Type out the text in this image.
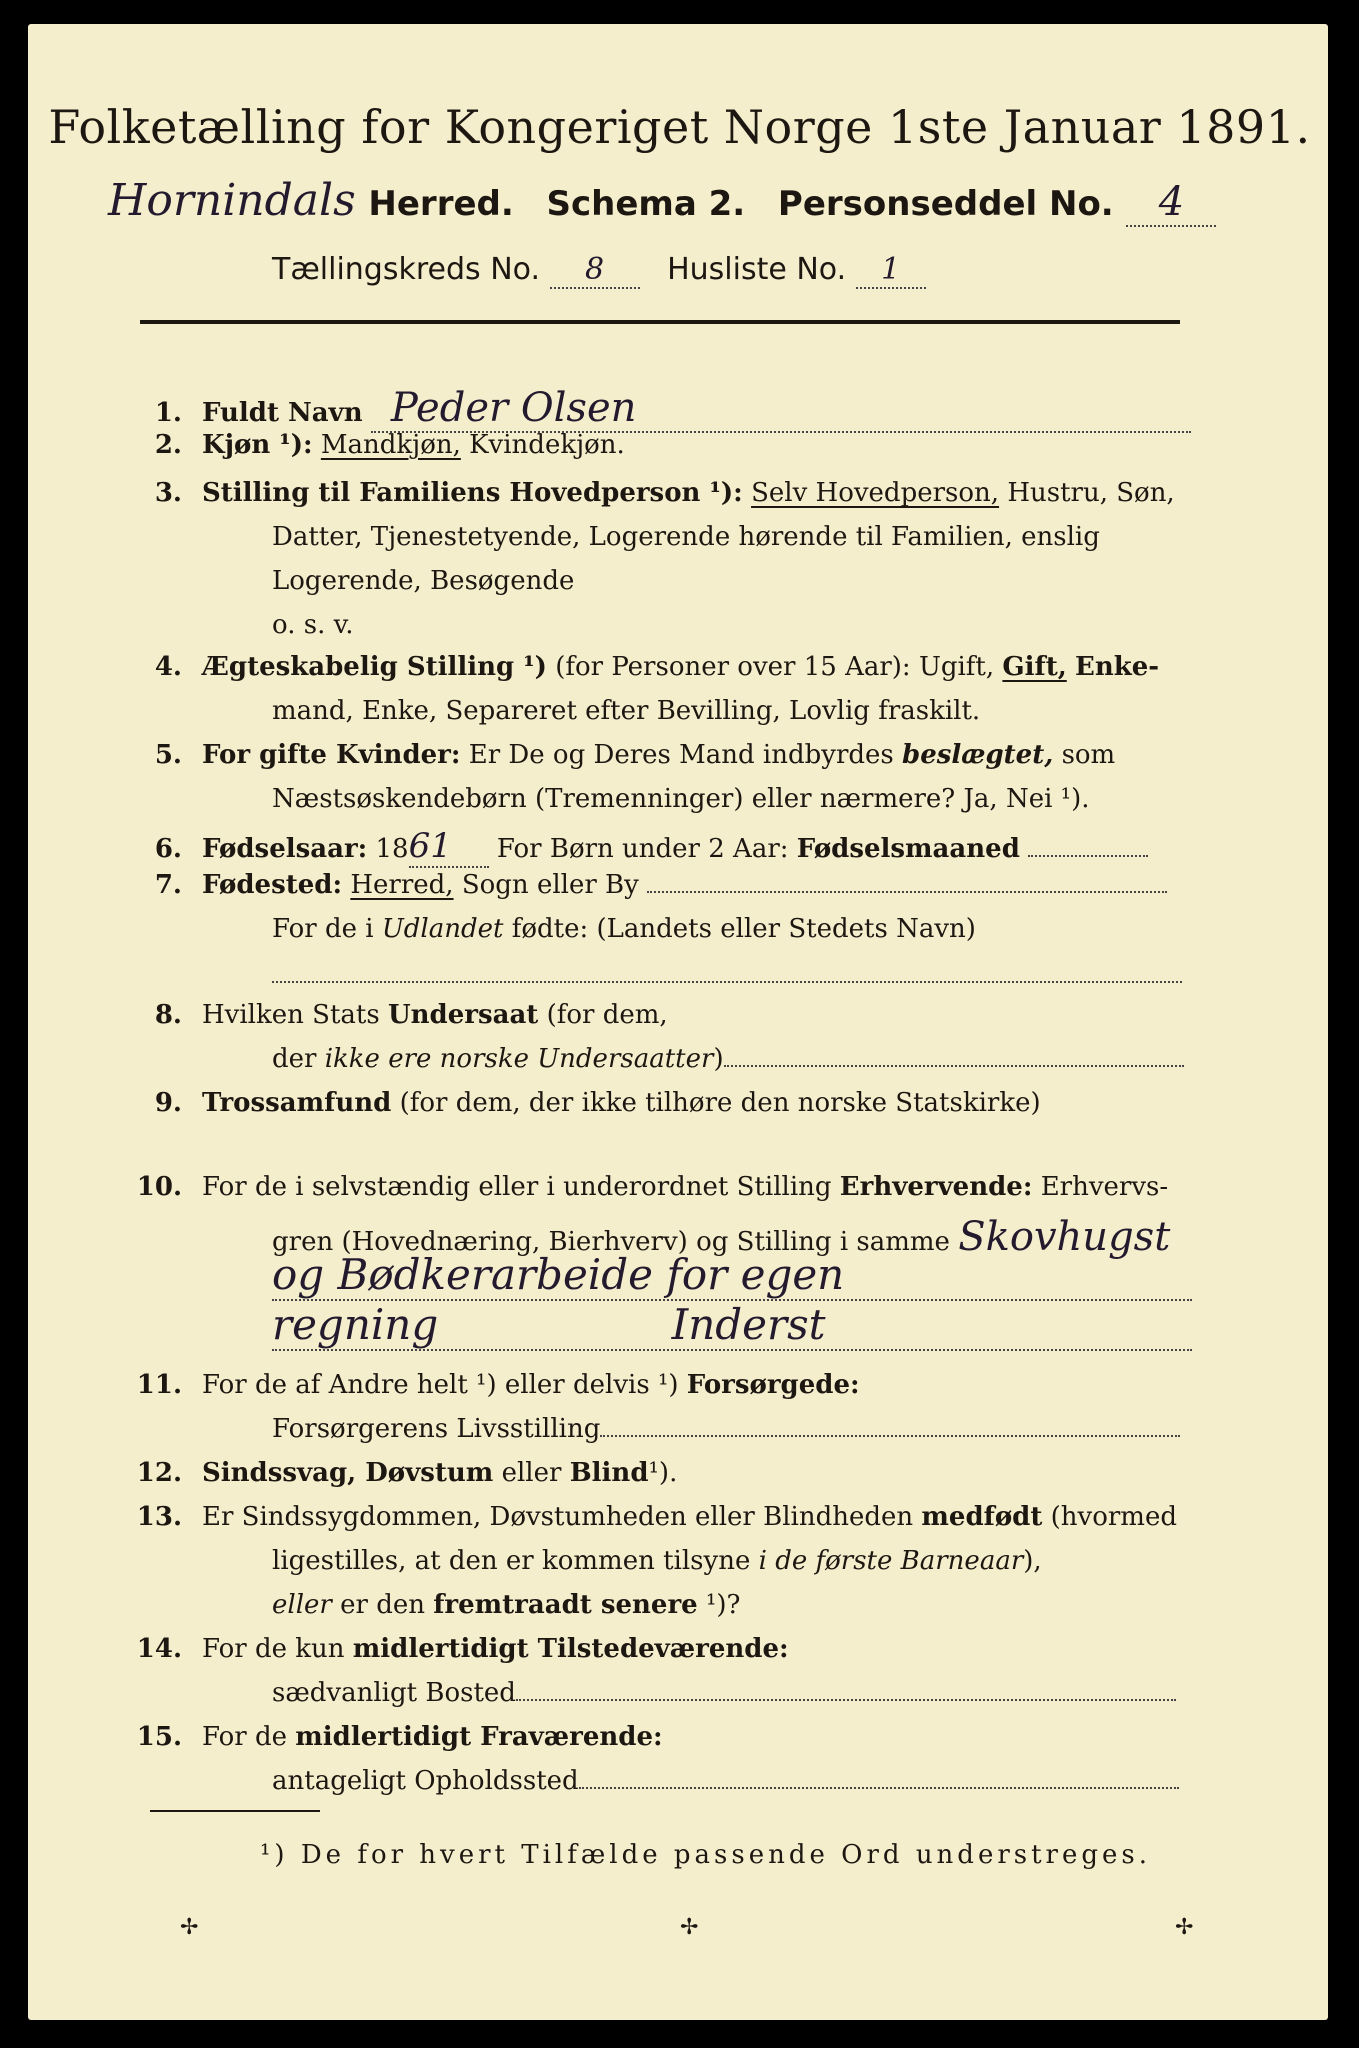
Folketælling for Kongeriget Norge 1ste Januar 1891.
Hornindals Herred. Schema 2. Personseddel No. 4
Tællingskreds No. 8 Husliste No. 1
1. Fuldt Navn Peder Olsen
2. Kjøn ¹): Mandkjøn, Kvindekjøn.
3. Stilling til Familiens Hovedperson ¹): Selv Hovedperson, Hustru, Søn,
Datter, Tjenestetyende, Logerende hørende til Familien, enslig
Logerende, Besøgende
o. s. v.
4. Ægteskabelig Stilling ¹) (for Personer over 15 Aar): Ugift, Gift, Enke-
mand, Enke, Separeret efter Bevilling, Lovlig fraskilt.
5. For gifte Kvinder: Er De og Deres Mand indbyrdes beslægtet, som
Næstsøskendebørn (Tremenninger) eller nærmere? Ja, Nei ¹).
6. Fødselsaar: 1861 For Børn under 2 Aar: Fødselsmaaned
7. Fødested: Herred, Sogn eller By
For de i Udlandet fødte: (Landets eller Stedets Navn)
8. Hvilken Stats Undersaat (for dem,
der ikke ere norske Undersaatter)
9. Trossamfund (for dem, der ikke tilhøre den norske Statskirke)
10. For de i selvstændig eller i underordnet Stilling Erhvervende: Erhvervs-
gren (Hovednæring, Bierhverv) og Stilling i samme Skovhugst
og Bødkerarbeide for egen
regning	Inderst
11. For de af Andre helt ¹) eller delvis ¹) Forsørgede:
Forsørgerens Livsstilling
12. Sindssvag, Døvstum eller Blind¹).
13. Er Sindssygdommen, Døvstumheden eller Blindheden medfødt (hvormed
ligestilles, at den er kommen tilsyne i de første Barneaar),
eller er den fremtraadt senere ¹)?
14. For de kun midlertidigt Tilstedeværende:
sædvanligt Bosted
15. For de midlertidigt Fraværende:
antageligt Opholdssted
¹) De for hvert Tilfælde passende Ord understreges.
✢	✢	✢
